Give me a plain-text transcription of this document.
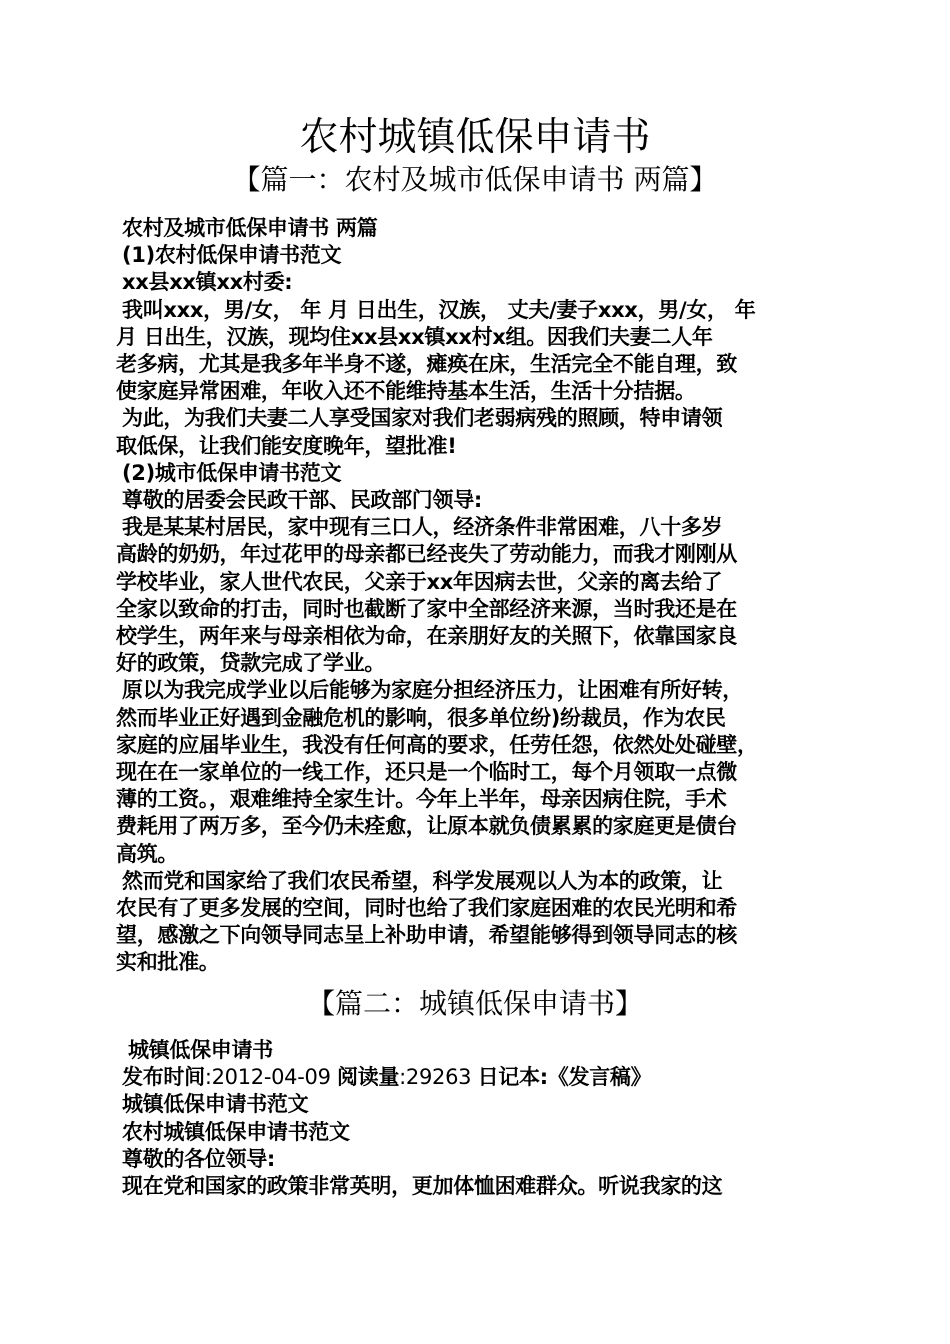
农村城镇低保申请书
【篇一：农村及城市低保申请书 两篇】

农村及城市低保申请书 两篇

(1)农村低保申请书范文

xx县xx镇xx村委:

我叫xxx，男/女， 年 月 日出生，汉族， 丈夫/妻子xxx，男/女， 年

月 日出生，汉族，现均住xx县xx镇xx村x组。因我们夫妻二人年

老多病，尤其是我多年半身不遂，瘫痪在床，生活完全不能自理，致

使家庭异常困难，年收入还不能维持基本生活，生活十分拮据。

为此，为我们夫妻二人享受国家对我们老弱病残的照顾，特申请领

取低保，让我们能安度晚年，望批准!

(2)城市低保申请书范文

尊敬的居委会民政干部、民政部门领导:

我是某某村居民，家中现有三口人，经济条件非常困难，八十多岁

高龄的奶奶，年过花甲的母亲都已经丧失了劳动能力，而我才刚刚从

学校毕业，家人世代农民，父亲于xx年因病去世，父亲的离去给了

全家以致命的打击，同时也截断了家中全部经济来源，当时我还是在

校学生，两年来与母亲相依为命，在亲朋好友的关照下，依靠国家良

好的政策，贷款完成了学业。

原以为我完成学业以后能够为家庭分担经济压力，让困难有所好转，

然而毕业正好遇到金融危机的影响，很多单位纷)纷裁员，作为农民

家庭的应届毕业生，我没有任何高的要求，任劳任怨，依然处处碰壁，

现在在一家单位的一线工作，还只是一个临时工，每个月领取一点微

薄的工资。，艰难维持全家生计。今年上半年，母亲因病住院，手术

费耗用了两万多，至今仍未痊愈，让原本就负债累累的家庭更是债台

高筑。

然而党和国家给了我们农民希望，科学发展观以人为本的政策，让

农民有了更多发展的空间，同时也给了我们家庭困难的农民光明和希

望，感激之下向领导同志呈上补助申请，希望能够得到领导同志的核

实和批准。

【篇二：城镇低保申请书】

城镇低保申请书

发布时间:2012-04-09 阅读量:29263 日记本:《发言稿》

城镇低保申请书范文

农村城镇低保申请书范文

尊敬的各位领导:

现在党和国家的政策非常英明，更加体恤困难群众。听说我家的这
